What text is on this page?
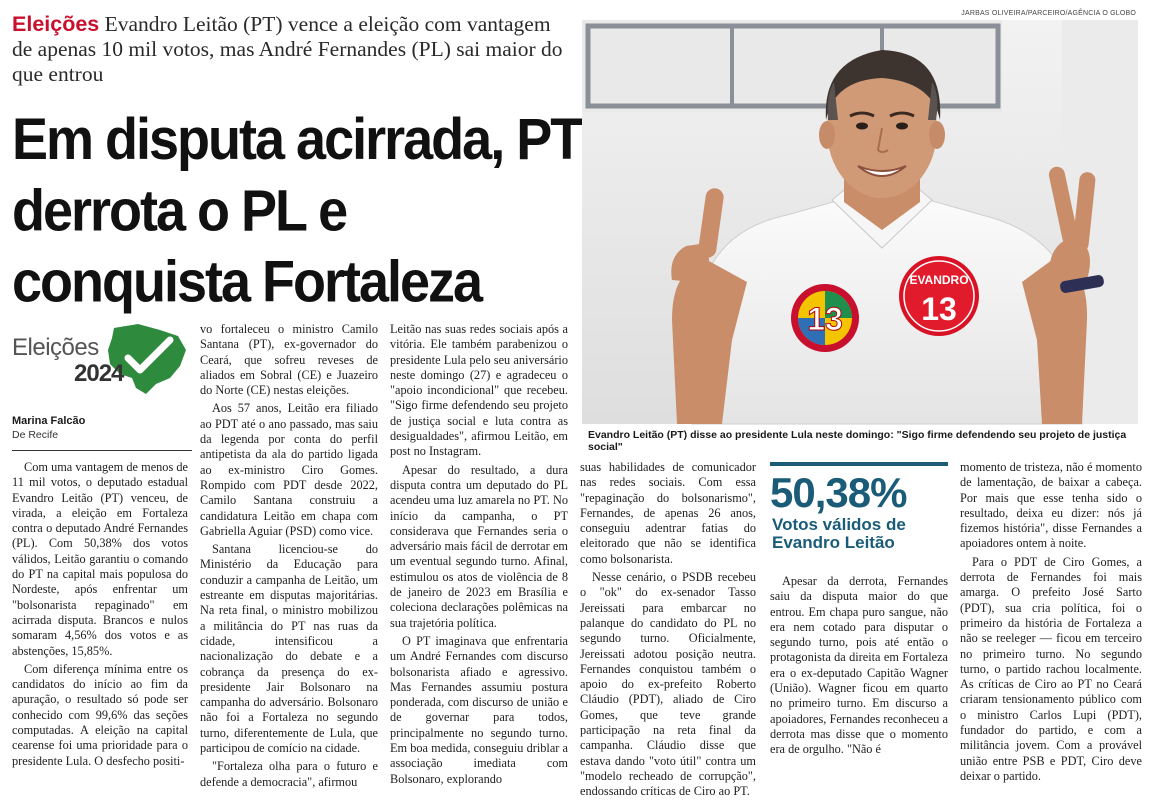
Eleições Evandro Leitão (PT) vence a eleição com vantagem de apenas 10 mil votos, mas André Fernandes (PL) sai maior do que entrou
Em disputa acirrada, PT derrota o PL e conquista Fortaleza
JARBAS OLIVEIRA/PARCEIRO/AGÊNCIA O GLOBO
13
EVANDRO
13
Evandro Leitão (PT) disse ao presidente Lula neste domingo: "Sigo firme defendendo seu projeto de justiça social"
Eleições
2024
Marina Falcão
De Recife

Com uma vantagem de menos de 11 mil votos, o deputado estadual Evandro Leitão (PT) venceu, de virada, a eleição em Fortaleza contra o deputado André Fernandes (PL). Com 50,38% dos votos válidos, Leitão garantiu o comando do PT na capital mais populosa do Nordeste, após enfrentar um "bolsonarista repaginado" em acirrada disputa. Brancos e nulos somaram 4,56% dos votos e as abstenções, 15,85%.

Com diferença mínima entre os candidatos do início ao fim da apuração, o resultado só pode ser conhecido com 99,6% das seções computadas. A eleição na capital cearense foi uma prioridade para o presidente Lula. O desfecho positi-

vo fortaleceu o ministro Camilo Santana (PT), ex-governador do Ceará, que sofreu reveses de aliados em Sobral (CE) e Juazeiro do Norte (CE) nestas eleições.

Aos 57 anos, Leitão era filiado ao PDT até o ano passado, mas saiu da legenda por conta do perfil antipetista da ala do partido ligada ao ex-ministro Ciro Gomes. Rompido com PDT desde 2022, Camilo Santana construiu a candidatura Leitão em chapa com Gabriella Aguiar (PSD) como vice.

Santana licenciou-se do Ministério da Educação para conduzir a campanha de Leitão, um estreante em disputas majoritárias. Na reta final, o ministro mobilizou a militância do PT nas ruas da cidade, intensificou a nacionalização do debate e a cobrança da presença do ex-presidente Jair Bolsonaro na campanha do adversário. Bolsonaro não foi a Fortaleza no segundo turno, diferentemente de Lula, que participou de comício na cidade.

"Fortaleza olha para o futuro e defende a democracia", afirmou

Leitão nas suas redes sociais após a vitória. Ele também parabenizou o presidente Lula pelo seu aniversário neste domingo (27) e agradeceu o "apoio incondicional" que recebeu. "Sigo firme defendendo seu projeto de justiça social e luta contra as desigualdades", afirmou Leitão, em post no Instagram.

Apesar do resultado, a dura disputa contra um deputado do PL acendeu uma luz amarela no PT. No início da campanha, o PT considerava que Fernandes seria o adversário mais fácil de derrotar em um eventual segundo turno. Afinal, estimulou os atos de violência de 8 de janeiro de 2023 em Brasília e coleciona declarações polêmicas na sua trajetória política.

O PT imaginava que enfrentaria um André Fernandes com discurso bolsonarista afiado e agressivo. Mas Fernandes assumiu postura ponderada, com discurso de união e de governar para todos, principalmente no segundo turno. Em boa medida, conseguiu driblar a associação imediata com Bolsonaro, explorando

suas habilidades de comunicador nas redes sociais. Com essa "repaginação do bolsonarismo", Fernandes, de apenas 26 anos, conseguiu adentrar fatias do eleitorado que não se identifica como bolsonarista.

Nesse cenário, o PSDB recebeu o "ok" do ex-senador Tasso Jereissati para embarcar no palanque do candidato do PL no segundo turno. Oficialmente, Jereissati adotou posição neutra. Fernandes conquistou também o apoio do ex-prefeito Roberto Cláudio (PDT), aliado de Ciro Gomes, que teve grande participação na reta final da campanha. Cláudio disse que estava dando "voto útil" contra um "modelo recheado de corrupção", endossando críticas de Ciro ao PT.

50,38%
Votos válidos de Evandro Leitão

Apesar da derrota, Fernandes saiu da disputa maior do que entrou. Em chapa puro sangue, não era nem cotado para disputar o segundo turno, pois até então o protagonista da direita em Fortaleza era o ex-deputado Capitão Wagner (União). Wagner ficou em quarto no primeiro turno. Em discurso a apoiadores, Fernandes reconheceu a derrota mas disse que o momento era de orgulho. "Não é

momento de tristeza, não é momento de lamentação, de baixar a cabeça. Por mais que esse tenha sido o resultado, deixa eu dizer: nós já fizemos história", disse Fernandes a apoiadores ontem à noite.

Para o PDT de Ciro Gomes, a derrota de Fernandes foi mais amarga. O prefeito José Sarto (PDT), sua cria política, foi o primeiro da história de Fortaleza a não se reeleger — ficou em terceiro no primeiro turno. No segundo turno, o partido rachou localmente. As críticas de Ciro ao PT no Ceará criaram tensionamento público com o ministro Carlos Lupi (PDT), fundador do partido, e com a militância jovem. Com a provável união entre PSB e PDT, Ciro deve deixar o partido.
